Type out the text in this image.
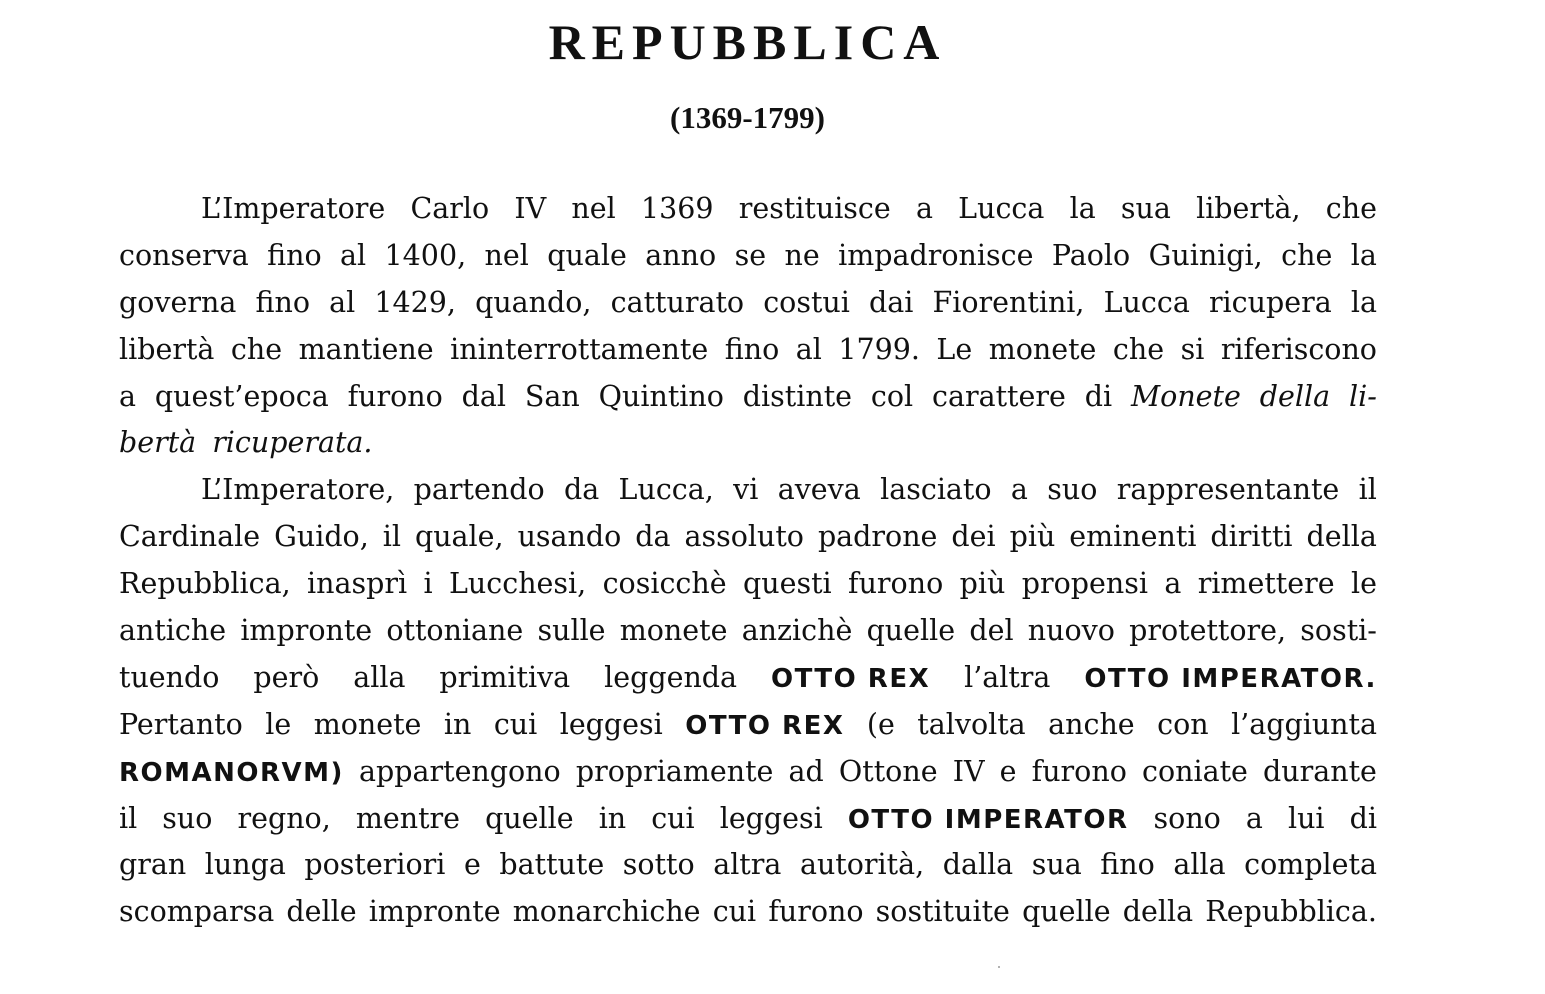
REPUBBLICA
(1369-1799)
L’Imperatore Carlo IV nel 1369 restituisce a Lucca la sua libertà, che
conserva fino al 1400, nel quale anno se ne impadronisce Paolo Guinigi, che la
governa fino al 1429, quando, catturato costui dai Fiorentini, Lucca ricupera la
libertà che mantiene ininterrottamente fino al 1799. Le monete che si riferiscono
a quest’epoca furono dal San Quintino distinte col carattere di Monete della li-
bertà ricuperata.
L’Imperatore, partendo da Lucca, vi aveva lasciato a suo rappresentante il
Cardinale Guido, il quale, usando da assoluto padrone dei più eminenti diritti della
Repubblica, inasprì i Lucchesi, cosicchè questi furono più propensi a rimettere le
antiche impronte ottoniane sulle monete anzichè quelle del nuovo protettore, sosti-
tuendo però alla primitiva leggenda OTTO REX l’altra OTTO IMPERATOR.
Pertanto le monete in cui leggesi OTTO REX (e talvolta anche con l’aggiunta
ROMANORVM) appartengono propriamente ad Ottone IV e furono coniate durante
il suo regno, mentre quelle in cui leggesi OTTO IMPERATOR sono a lui di
gran lunga posteriori e battute sotto altra autorità, dalla sua fino alla completa
scomparsa delle impronte monarchiche cui furono sostituite quelle della Repubblica.
